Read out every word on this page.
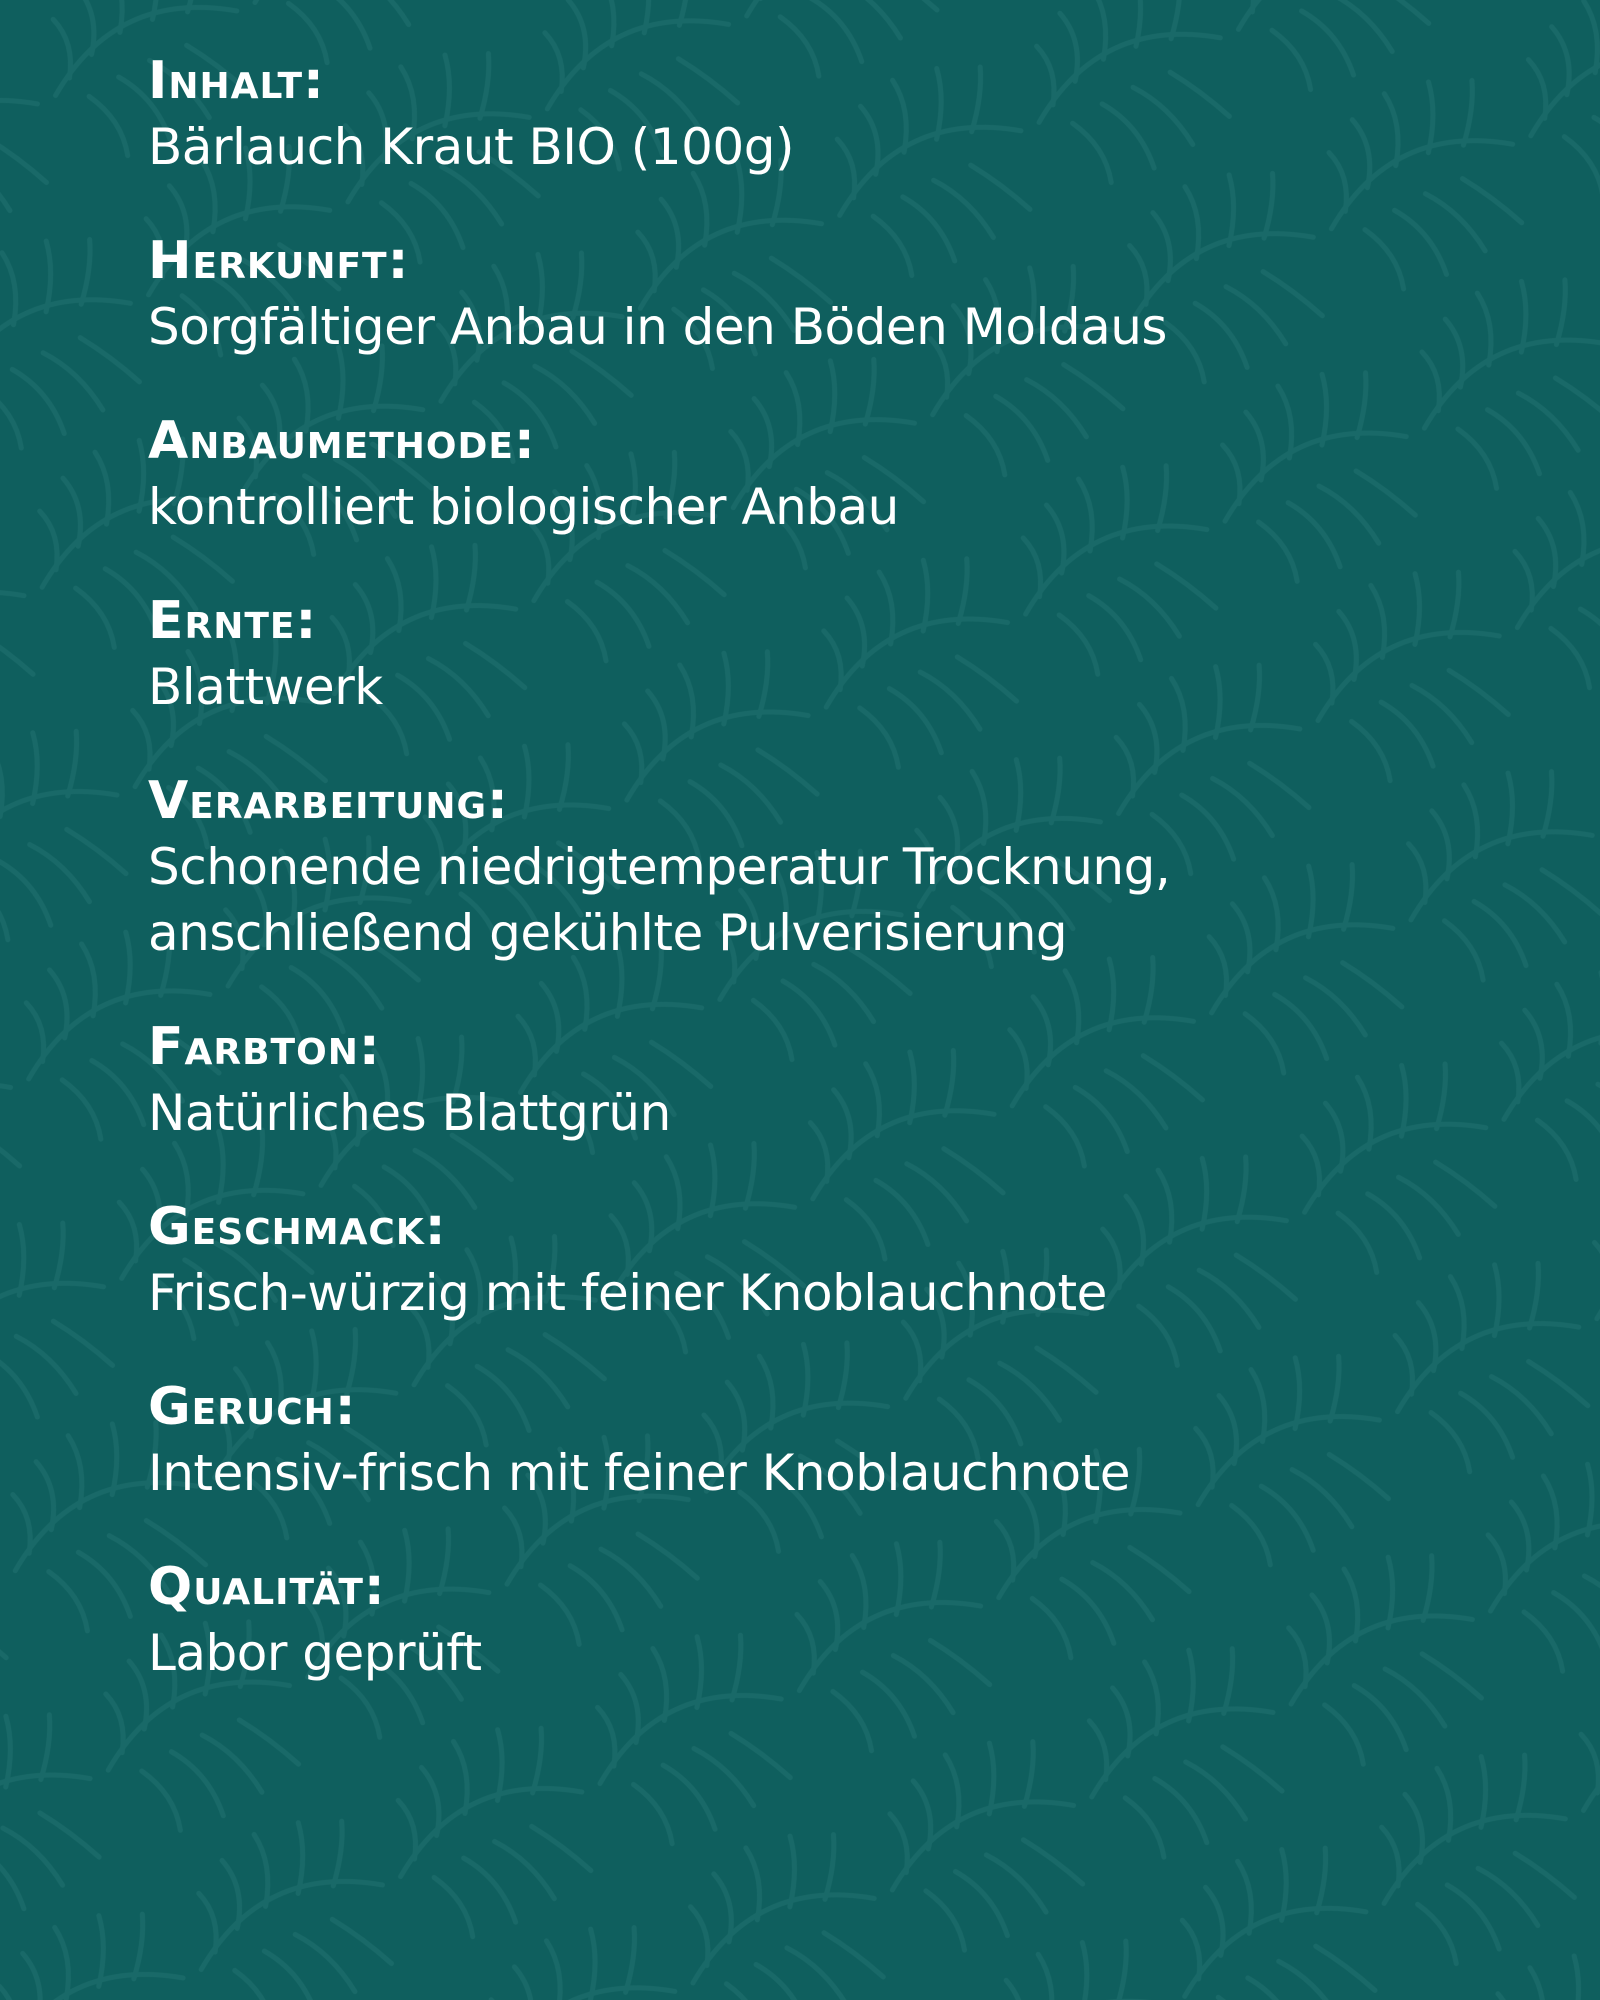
Inhalt:
Bärlauch Kraut BIO (100g)
Herkunft:
Sorgfältiger Anbau in den Böden Moldaus
Anbaumethode:
kontrolliert biologischer Anbau
Ernte:
Blattwerk
Verarbeitung:
Schonende niedrigtemperatur Trocknung,
anschließend gekühlte Pulverisierung
Farbton:
Natürliches Blattgrün
Geschmack:
Frisch-würzig mit feiner Knoblauchnote
Geruch:
Intensiv-frisch mit feiner Knoblauchnote
Qualität:
Labor geprüft
